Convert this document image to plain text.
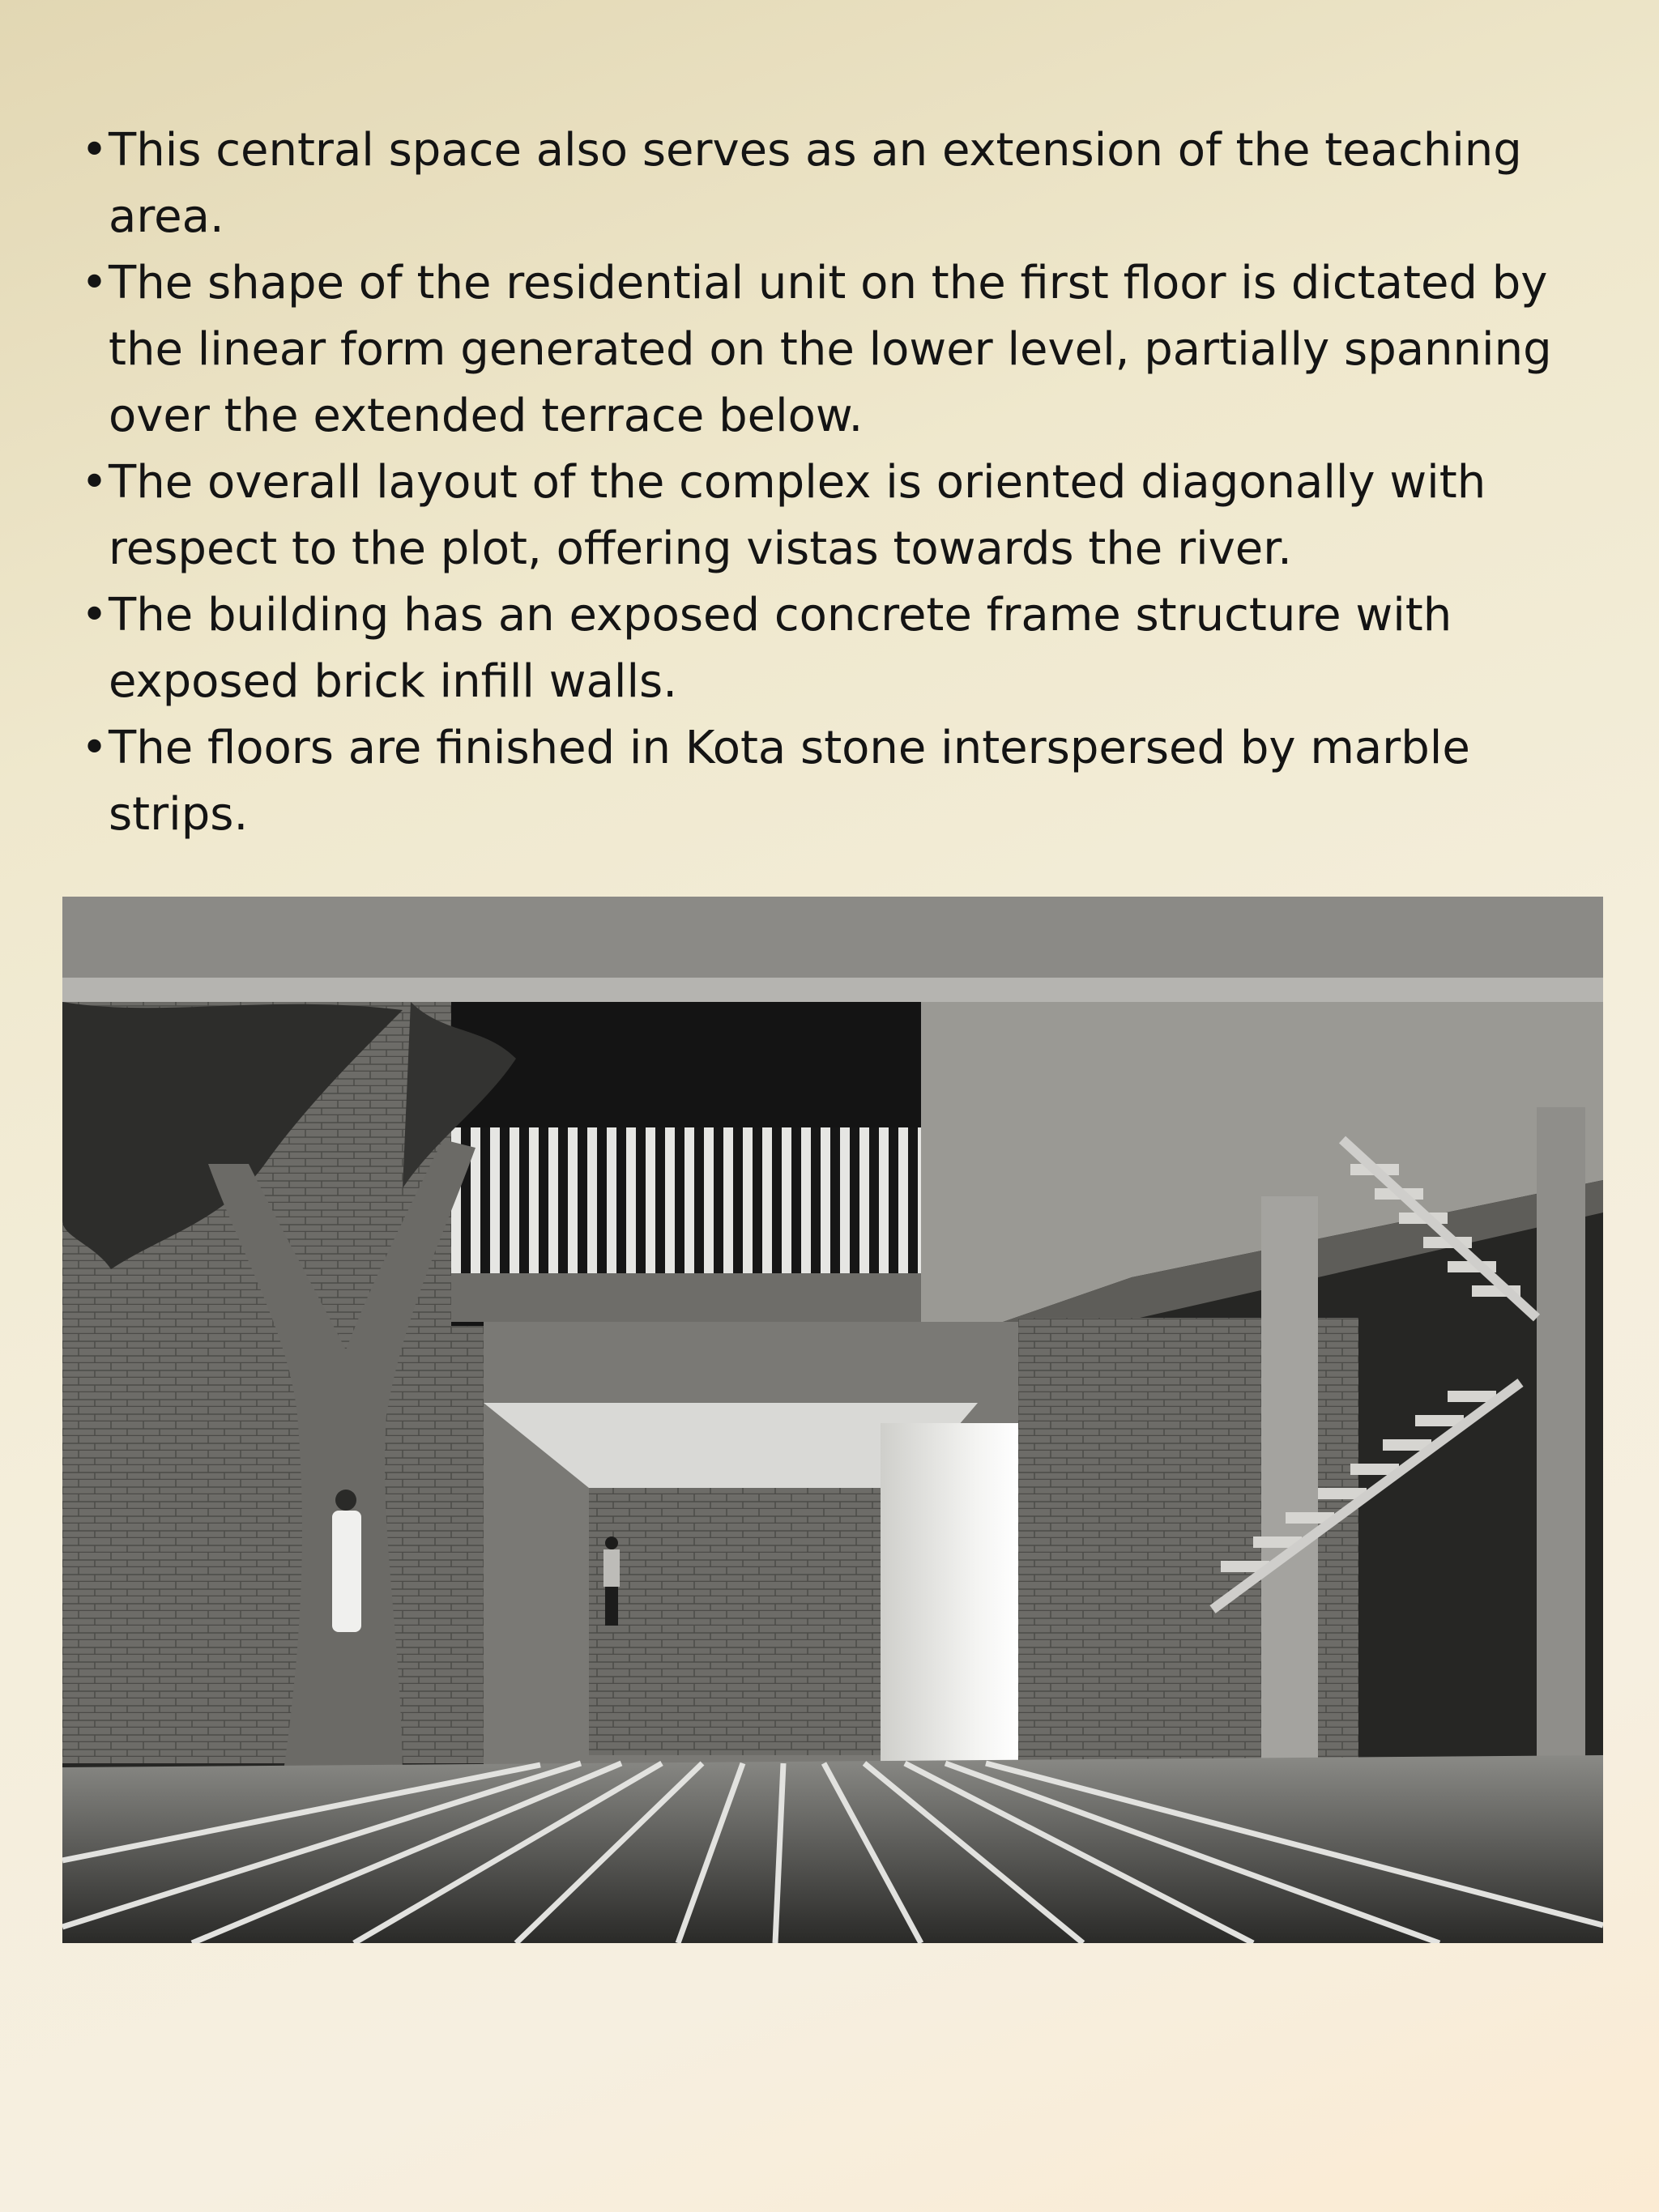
• This central space also serves as an extension of the teaching area.
• The shape of the residential unit on the first floor is dictated by the linear form generated on the lower level, partially spanning over the extended terrace below.
• The overall layout of the complex is oriented diagonally with respect to the plot, offering vistas towards the river.
• The building has an exposed concrete frame structure with exposed brick infill walls.
• The floors are finished in Kota stone interspersed by marble strips.
